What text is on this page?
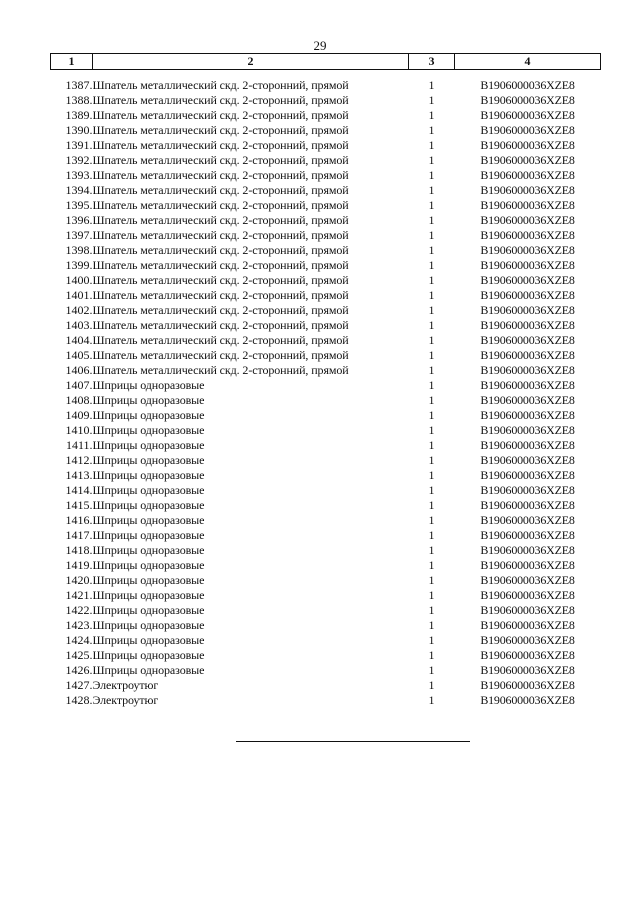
29
1	2	3	4
1387.	Шпатель металлический скд. 2-сторонний, прямой	1	B1906000036XZE8
1388.	Шпатель металлический скд. 2-сторонний, прямой	1	B1906000036XZE8
1389.	Шпатель металлический скд. 2-сторонний, прямой	1	B1906000036XZE8
1390.	Шпатель металлический скд. 2-сторонний, прямой	1	B1906000036XZE8
1391.	Шпатель металлический скд. 2-сторонний, прямой	1	B1906000036XZE8
1392.	Шпатель металлический скд. 2-сторонний, прямой	1	B1906000036XZE8
1393.	Шпатель металлический скд. 2-сторонний, прямой	1	B1906000036XZE8
1394.	Шпатель металлический скд. 2-сторонний, прямой	1	B1906000036XZE8
1395.	Шпатель металлический скд. 2-сторонний, прямой	1	B1906000036XZE8
1396.	Шпатель металлический скд. 2-сторонний, прямой	1	B1906000036XZE8
1397.	Шпатель металлический скд. 2-сторонний, прямой	1	B1906000036XZE8
1398.	Шпатель металлический скд. 2-сторонний, прямой	1	B1906000036XZE8
1399.	Шпатель металлический скд. 2-сторонний, прямой	1	B1906000036XZE8
1400.	Шпатель металлический скд. 2-сторонний, прямой	1	B1906000036XZE8
1401.	Шпатель металлический скд. 2-сторонний, прямой	1	B1906000036XZE8
1402.	Шпатель металлический скд. 2-сторонний, прямой	1	B1906000036XZE8
1403.	Шпатель металлический скд. 2-сторонний, прямой	1	B1906000036XZE8
1404.	Шпатель металлический скд. 2-сторонний, прямой	1	B1906000036XZE8
1405.	Шпатель металлический скд. 2-сторонний, прямой	1	B1906000036XZE8
1406.	Шпатель металлический скд. 2-сторонний, прямой	1	B1906000036XZE8
1407.	Шприцы одноразовые	1	B1906000036XZE8
1408.	Шприцы одноразовые	1	B1906000036XZE8
1409.	Шприцы одноразовые	1	B1906000036XZE8
1410.	Шприцы одноразовые	1	B1906000036XZE8
1411.	Шприцы одноразовые	1	B1906000036XZE8
1412.	Шприцы одноразовые	1	B1906000036XZE8
1413.	Шприцы одноразовые	1	B1906000036XZE8
1414.	Шприцы одноразовые	1	B1906000036XZE8
1415.	Шприцы одноразовые	1	B1906000036XZE8
1416.	Шприцы одноразовые	1	B1906000036XZE8
1417.	Шприцы одноразовые	1	B1906000036XZE8
1418.	Шприцы одноразовые	1	B1906000036XZE8
1419.	Шприцы одноразовые	1	B1906000036XZE8
1420.	Шприцы одноразовые	1	B1906000036XZE8
1421.	Шприцы одноразовые	1	B1906000036XZE8
1422.	Шприцы одноразовые	1	B1906000036XZE8
1423.	Шприцы одноразовые	1	B1906000036XZE8
1424.	Шприцы одноразовые	1	B1906000036XZE8
1425.	Шприцы одноразовые	1	B1906000036XZE8
1426.	Шприцы одноразовые	1	B1906000036XZE8
1427.	Электроутюг	1	B1906000036XZE8
1428.	Электроутюг	1	B1906000036XZE8
